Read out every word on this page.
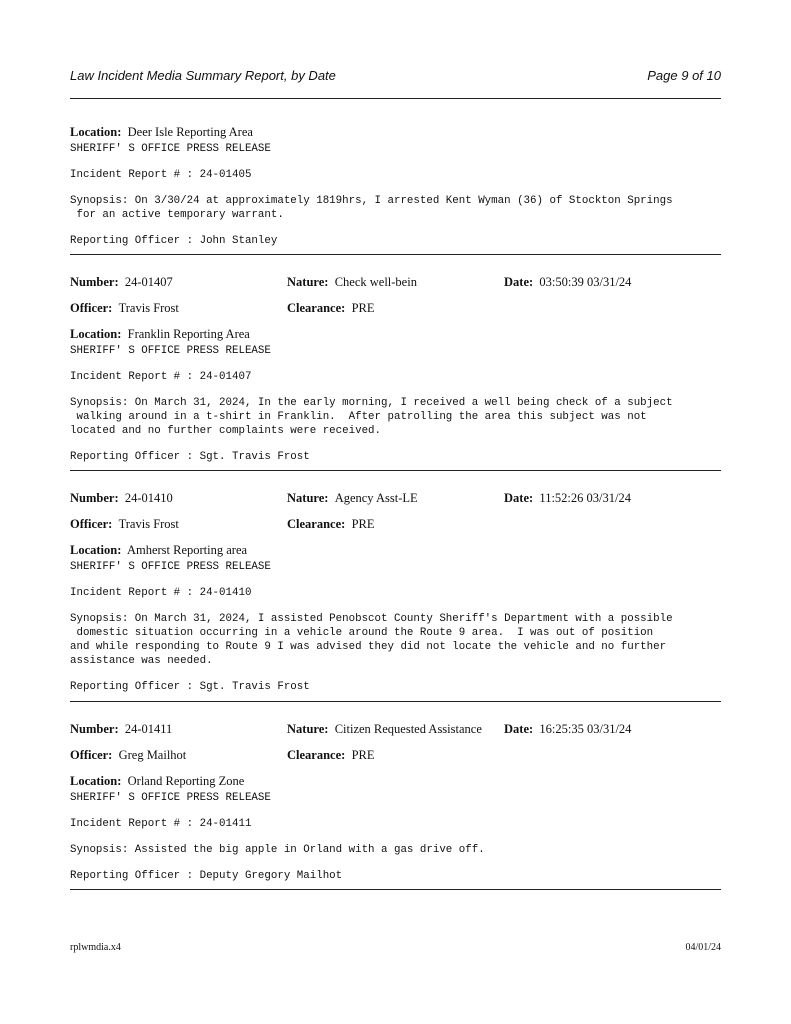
Law Incident Media Summary Report, by Date	Page 9 of 10
Location: Deer Isle Reporting Area
SHERIFF' S OFFICE PRESS RELEASE
Incident Report # : 24-01405
Synopsis: On 3/30/24 at approximately 1819hrs, I arrested Kent Wyman (36) of Stockton Springs
for an active temporary warrant.
Reporting Officer : John Stanley
Number: 24-01407	Nature: Check well-bein	Date: 03:50:39 03/31/24
Officer: Travis Frost	Clearance: PRE
Location: Franklin Reporting Area
SHERIFF' S OFFICE PRESS RELEASE
Incident Report # : 24-01407
Synopsis: On March 31, 2024, In the early morning, I received a well being check of a subject
walking around in a t-shirt in Franklin.  After patrolling the area this subject was not
located and no further complaints were received.
Reporting Officer : Sgt. Travis Frost
Number: 24-01410	Nature: Agency Asst-LE	Date: 11:52:26 03/31/24
Officer: Travis Frost	Clearance: PRE
Location: Amherst Reporting area
SHERIFF' S OFFICE PRESS RELEASE
Incident Report # : 24-01410
Synopsis: On March 31, 2024, I assisted Penobscot County Sheriff's Department with a possible
domestic situation occurring in a vehicle around the Route 9 area.  I was out of position
and while responding to Route 9 I was advised they did not locate the vehicle and no further
assistance was needed.
Reporting Officer : Sgt. Travis Frost
Number: 24-01411	Nature: Citizen Requested Assistance Date: 16:25:35 03/31/24
Officer: Greg Mailhot	Clearance: PRE
Location: Orland Reporting Zone
SHERIFF' S OFFICE PRESS RELEASE
Incident Report # : 24-01411
Synopsis: Assisted the big apple in Orland with a gas drive off.
Reporting Officer : Deputy Gregory Mailhot
rplwmdia.x4	04/01/24
